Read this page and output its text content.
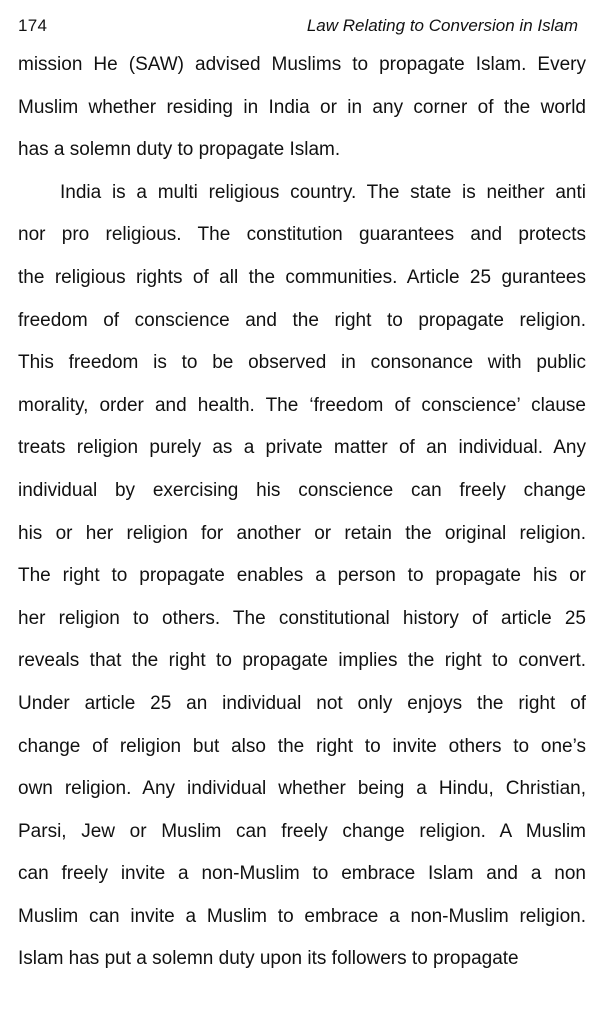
174	Law Relating to Conversion in Islam
mission He (SAW) advised Muslims to propagate Islam. Every
Muslim whether residing in India or in any corner of the world
has a solemn duty to propagate Islam.
India is a multi religious country. The state is neither anti
nor pro religious. The constitution guarantees and protects
the religious rights of all the communities. Article 25 gurantees
freedom of conscience and the right to propagate religion.
This freedom is to be observed in consonance with public
morality, order and health. The ‘freedom of conscience’ clause
treats religion purely as a private matter of an individual. Any
individual by exercising his conscience can freely change
his or her religion for another or retain the original religion.
The right to propagate enables a person to propagate his or
her religion to others. The constitutional history of article 25
reveals that the right to propagate implies the right to convert.
Under article 25 an individual not only enjoys the right of
change of religion but also the right to invite others to one’s
own religion. Any individual whether being a Hindu, Christian,
Parsi, Jew or Muslim can freely change religion. A Muslim
can freely invite a non-Muslim to embrace Islam and a non
Muslim can invite a Muslim to embrace a non-Muslim religion.
Islam has put a solemn duty upon its followers to propagate
